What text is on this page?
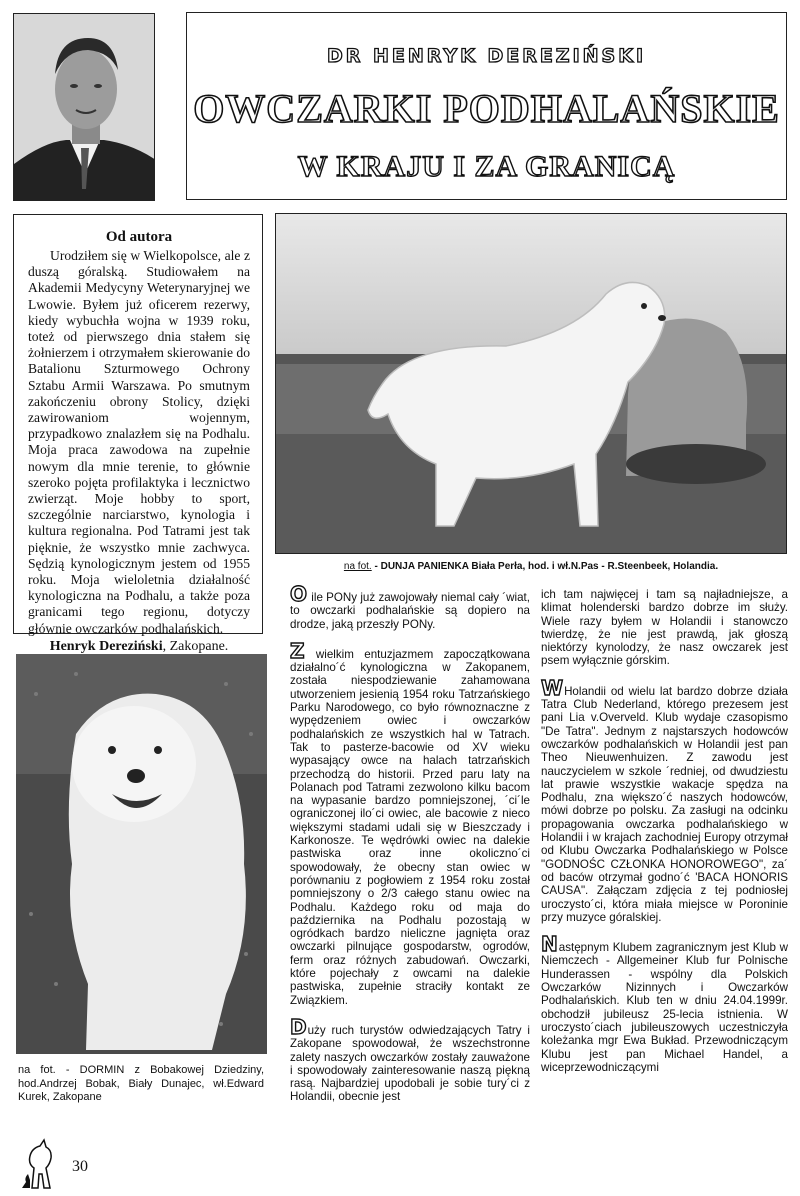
DR HENRYK DEREZIŃSKI
OWCZARKI PODHALAŃSKIE
W KRAJU I ZA GRANICĄ
Od autora

Urodziłem się w Wielkopolsce, ale z duszą góralską. Studiowałem na Akademii Medycyny Weterynaryjnej we Lwowie. Byłem już oficerem rezerwy, kiedy wybuchła wojna w 1939 roku, toteż od pierwszego dnia stałem się żołnierzem i otrzymałem skierowanie do Batalionu Szturmowego Ochrony Sztabu Armii Warszawa. Po smutnym zakończeniu obrony Stolicy, dzięki zawirowaniom wojennym, przypadkowo znalazłem się na Podhalu. Moja praca zawodowa na zupełnie nowym dla mnie terenie, to głównie szeroko pojęta profilaktyka i lecznictwo zwierząt. Moje hobby to sport, szczególnie narciarstwo, kynologia i kultura regionalna. Pod Tatrami jest tak pięknie, że wszystko mnie zachwyca. Sędzią kynologicznym jestem od 1955 roku. Moja wieloletnia działalność kynologiczna na Podhalu, a także poza granicami tego regionu, dotyczy głównie owczarków podhalańskich.

Henryk Dereziński, Zakopane.
na fot. - DUNJA PANIENKA Biała Perła, hod. i wł.N.Pas - R.Steenbeek, Holandia.
na fot. - DORMIN z Bobakowej Dziedziny, hod.Andrzej Bobak, Biały Dunajec, wł.Edward Kurek, Zakopane

O ile PONy już zawojowały niemal cały ´wiat, to owczarki podhalańskie są dopiero na drodze, jaką przeszły PONy.

Z wielkim entuzjazmem zapoczątkowana działalno´ć kynologiczna w Zakopanem, została niespodziewanie zahamowana utworzeniem jesienią 1954 roku Tatrzańskiego Parku Narodowego, co było równoznaczne z wypędzeniem owiec i owczarków podhalańskich ze wszystkich hal w Tatrach. Tak to pasterze-bacowie od XV wieku wypasający owce na halach tatrzańskich przechodzą do historii. Przed paru laty na Polanach pod Tatrami zezwolono kilku bacom na wypasanie bardzo pomniejszonej, ´ci´le ograniczonej ilo´ci owiec, ale bacowie z nieco większymi stadami udali się w Bieszczady i Karkonosze. Te wędrówki owiec na dalekie pastwiska oraz inne okoliczno´ci spowodowały, że obecny stan owiec w porównaniu z pogłowiem z 1954 roku został pomniejszony o 2/3 całego stanu owiec na Podhalu. Każdego roku od maja do października na Podhalu pozostają w ogródkach bardzo nieliczne jagnięta oraz owczarki pilnujące gospodarstw, ogrodów, ferm oraz różnych zabudowań. Owczarki, które pojechały z owcami na dalekie pastwiska, zupełnie straciły kontakt ze Związkiem.

Duży ruch turystów odwiedzających Tatry i Zakopane spowodował, że wszechstronne zalety naszych owczarków zostały zauważone i spowodowały zainteresowanie naszą piękną rasą. Najbardziej upodobali je sobie tury´ci z Holandii, obecnie jest

ich tam najwięcej i tam są najładniejsze, a klimat holenderski bardzo dobrze im służy. Wiele razy byłem w Holandii i stanowczo twierdzę, że nie jest prawdą, jak głoszą niektórzy kynolodzy, że nasz owczarek jest psem wyłącznie górskim.

WHolandii od wielu lat bardzo dobrze działa Tatra Club Nederland, którego prezesem jest pani Lia v.Overveld. Klub wydaje czasopismo "De Tatra". Jednym z najstarszych hodowców owczarków podhalańskich w Holandii jest pan Theo Nieuwenhuizen. Z zawodu jest nauczycielem w szkole ´redniej, od dwudziestu lat prawie wszystkie wakacje spędza na Podhalu, zna większo´ć naszych hodowców, mówi dobrze po polsku. Za zasługi na odcinku propagowania owczarka podhalańskiego w Holandii i w krajach zachodniej Europy otrzymał od Klubu Owczarka Podhalańskiego w Polsce "GODNOŚC CZŁONKA HONOROWEGO", za´ od baców otrzymał godno´ć 'BACA HONORIS CAUSA". Załączam zdjęcia z tej podniosłej uroczysto´ci, która miała miejsce w Poroninie przy muzyce góralskiej.

Następnym Klubem zagranicznym jest Klub w Niemczech - Allgemeiner Klub fur Polnische Hunderassen - wspólny dla Polskich Owczarków Nizinnych i Owczarków Podhalańskich. Klub ten w dniu 24.04.1999r. obchodził jubileusz 25-lecia istnienia. W uroczysto´ciach jubileuszowych uczestniczyła koleżanka mgr Ewa Bukład. Przewodniczącym Klubu jest pan Michael Handel, a wiceprzewodniczącymi

30
